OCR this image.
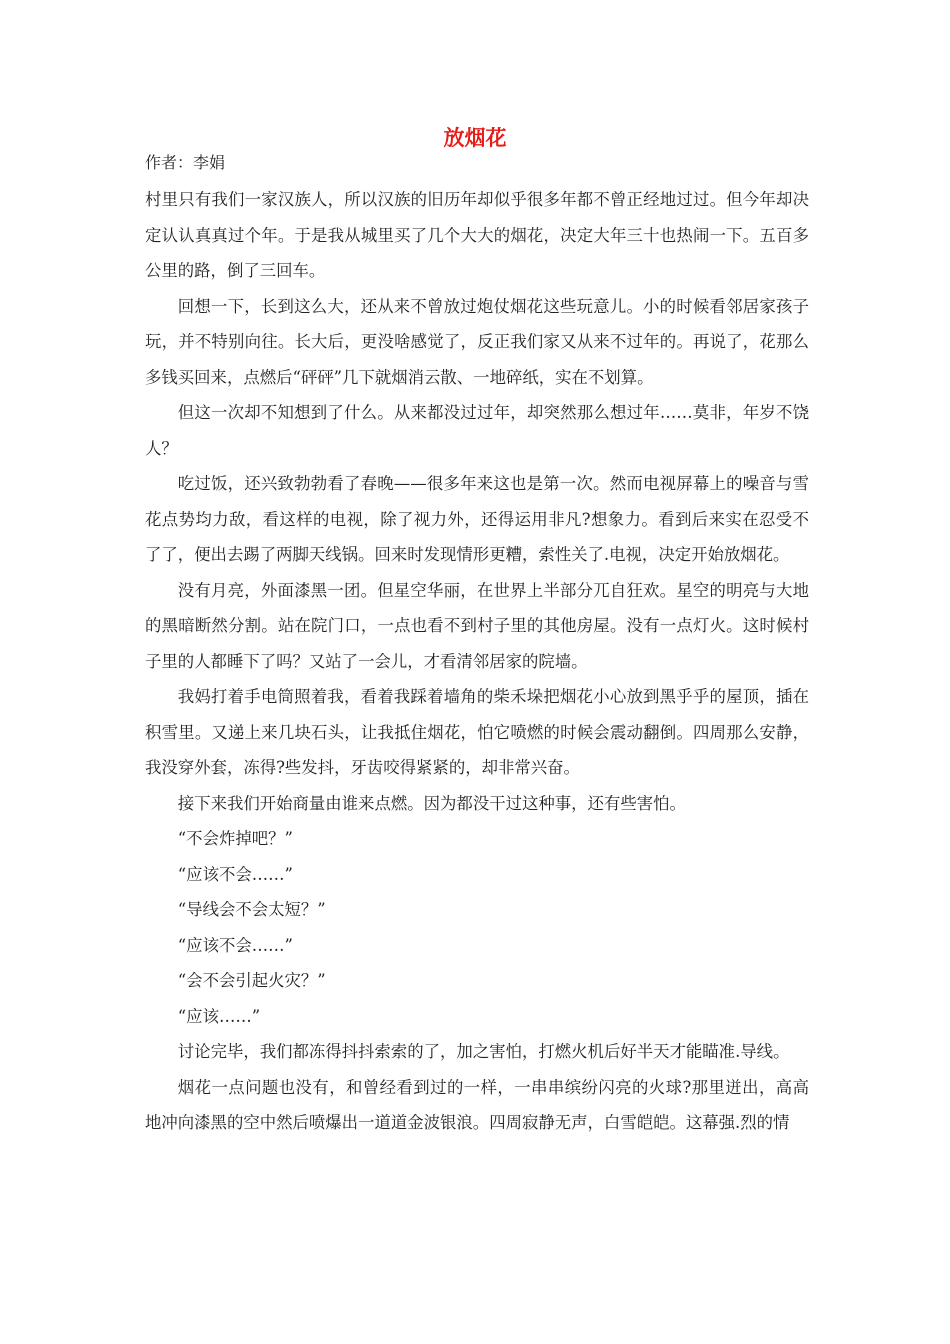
放烟花
作者：李娟

村里只有我们一家汉族人，所以汉族的旧历年却似乎很多年都不曾正经地过过。但今年却决定认认真真过个年。于是我从城里买了几个大大的烟花，决定大年三十也热闹一下。五百多公里的路，倒了三回车。

回想一下，长到这么大，还从来不曾放过炮仗烟花这些玩意儿。小的时候看邻居家孩子玩，并不特别向往。长大后，更没啥感觉了，反正我们家又从来不过年的。再说了，花那么多钱买回来，点燃后“砰砰”几下就烟消云散、一地碎纸，实在不划算。

但这一次却不知想到了什么。从来都没过过年，却突然那么想过年……莫非，年岁不饶人？

吃过饭，还兴致勃勃看了春晚——很多年来这也是第一次。然而电视屏幕上的噪音与雪花点势均力敌，看这样的电视，除了视力外，还得运用非凡?想象力。看到后来实在忍受不了了，便出去踢了两脚天线锅。回来时发现情形更糟，索性关了.电视，决定开始放烟花。

没有月亮，外面漆黑一团。但星空华丽，在世界上半部分兀自狂欢。星空的明亮与大地的黑暗断然分割。站在院门口，一点也看不到村子里的其他房屋。没有一点灯火。这时候村子里的人都睡下了吗？又站了一会儿，才看清邻居家的院墙。

我妈打着手电筒照着我，看着我踩着墙角的柴禾垛把烟花小心放到黑乎乎的屋顶，插在积雪里。又递上来几块石头，让我抵住烟花，怕它喷燃的时候会震动翻倒。四周那么安静，我没穿外套，冻得?些发抖，牙齿咬得紧紧的，却非常兴奋。

接下来我们开始商量由谁来点燃。因为都没干过这种事，还有些害怕。

“不会炸掉吧？”

“应该不会……”

“导线会不会太短？”

“应该不会……”

“会不会引起火灾？”

“应该……”

讨论完毕，我们都冻得抖抖索索的了，加之害怕，打燃火机后好半天才能瞄准.导线。

烟花一点问题也没有，和曾经看到过的一样，一串串缤纷闪亮的火球?那里迸出，高高地冲向漆黑的空中然后喷爆出一道道金波银浪。四周寂静无声，白雪皑皑。这幕强.烈的情
